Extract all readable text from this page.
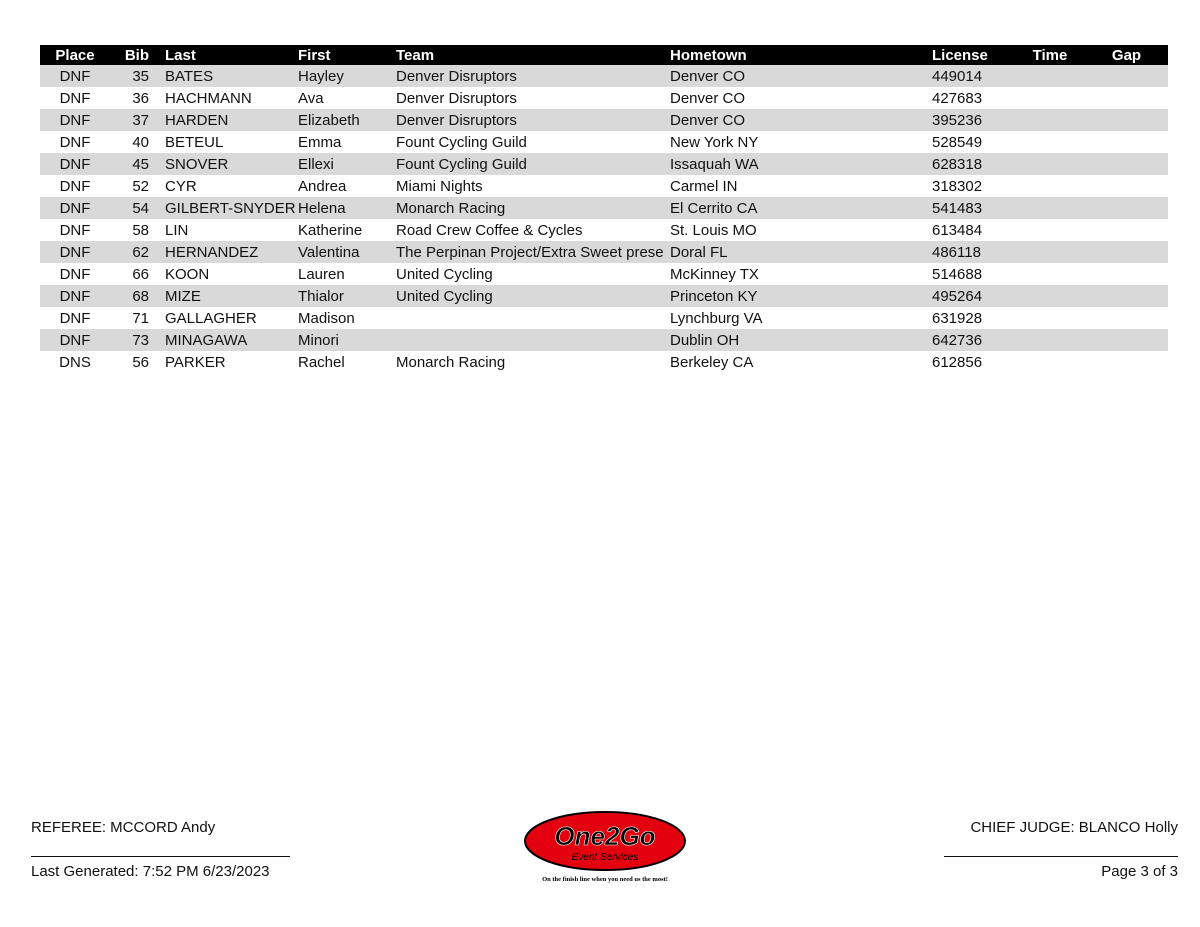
Place	Bib	Last	First	Team	Hometown	License	Time	Gap
DNF	35	BATES	Hayley	Denver Disruptors	Denver CO	449014		
DNF	36	HACHMANN	Ava	Denver Disruptors	Denver CO	427683		
DNF	37	HARDEN	Elizabeth	Denver Disruptors	Denver CO	395236		
DNF	40	BETEUL	Emma	Fount Cycling Guild	New York NY	528549		
DNF	45	SNOVER	Ellexi	Fount Cycling Guild	Issaquah WA	628318		
DNF	52	CYR	Andrea	Miami Nights	Carmel IN	318302		
DNF	54	GILBERT-SNYDER	Helena	Monarch Racing	El Cerrito CA	541483		
DNF	58	LIN	Katherine	Road Crew Coffee & Cycles	St. Louis MO	613484		
DNF	62	HERNANDEZ	Valentina	The Perpinan Project/Extra Sweet prese	Doral FL	486118		
DNF	66	KOON	Lauren	United Cycling	McKinney TX	514688		
DNF	68	MIZE	Thialor	United Cycling	Princeton KY	495264		
DNF	71	GALLAGHER	Madison		Lynchburg VA	631928		
DNF	73	MINAGAWA	Minori		Dublin OH	642736		
DNS	56	PARKER	Rachel	Monarch Racing	Berkeley CA	612856		
REFEREE: MCCORD Andy
Last Generated: 7:52 PM 6/23/2023
One2Go
Event Services
On the finish line when you need us the most!
CHIEF JUDGE: BLANCO Holly
Page 3 of 3
